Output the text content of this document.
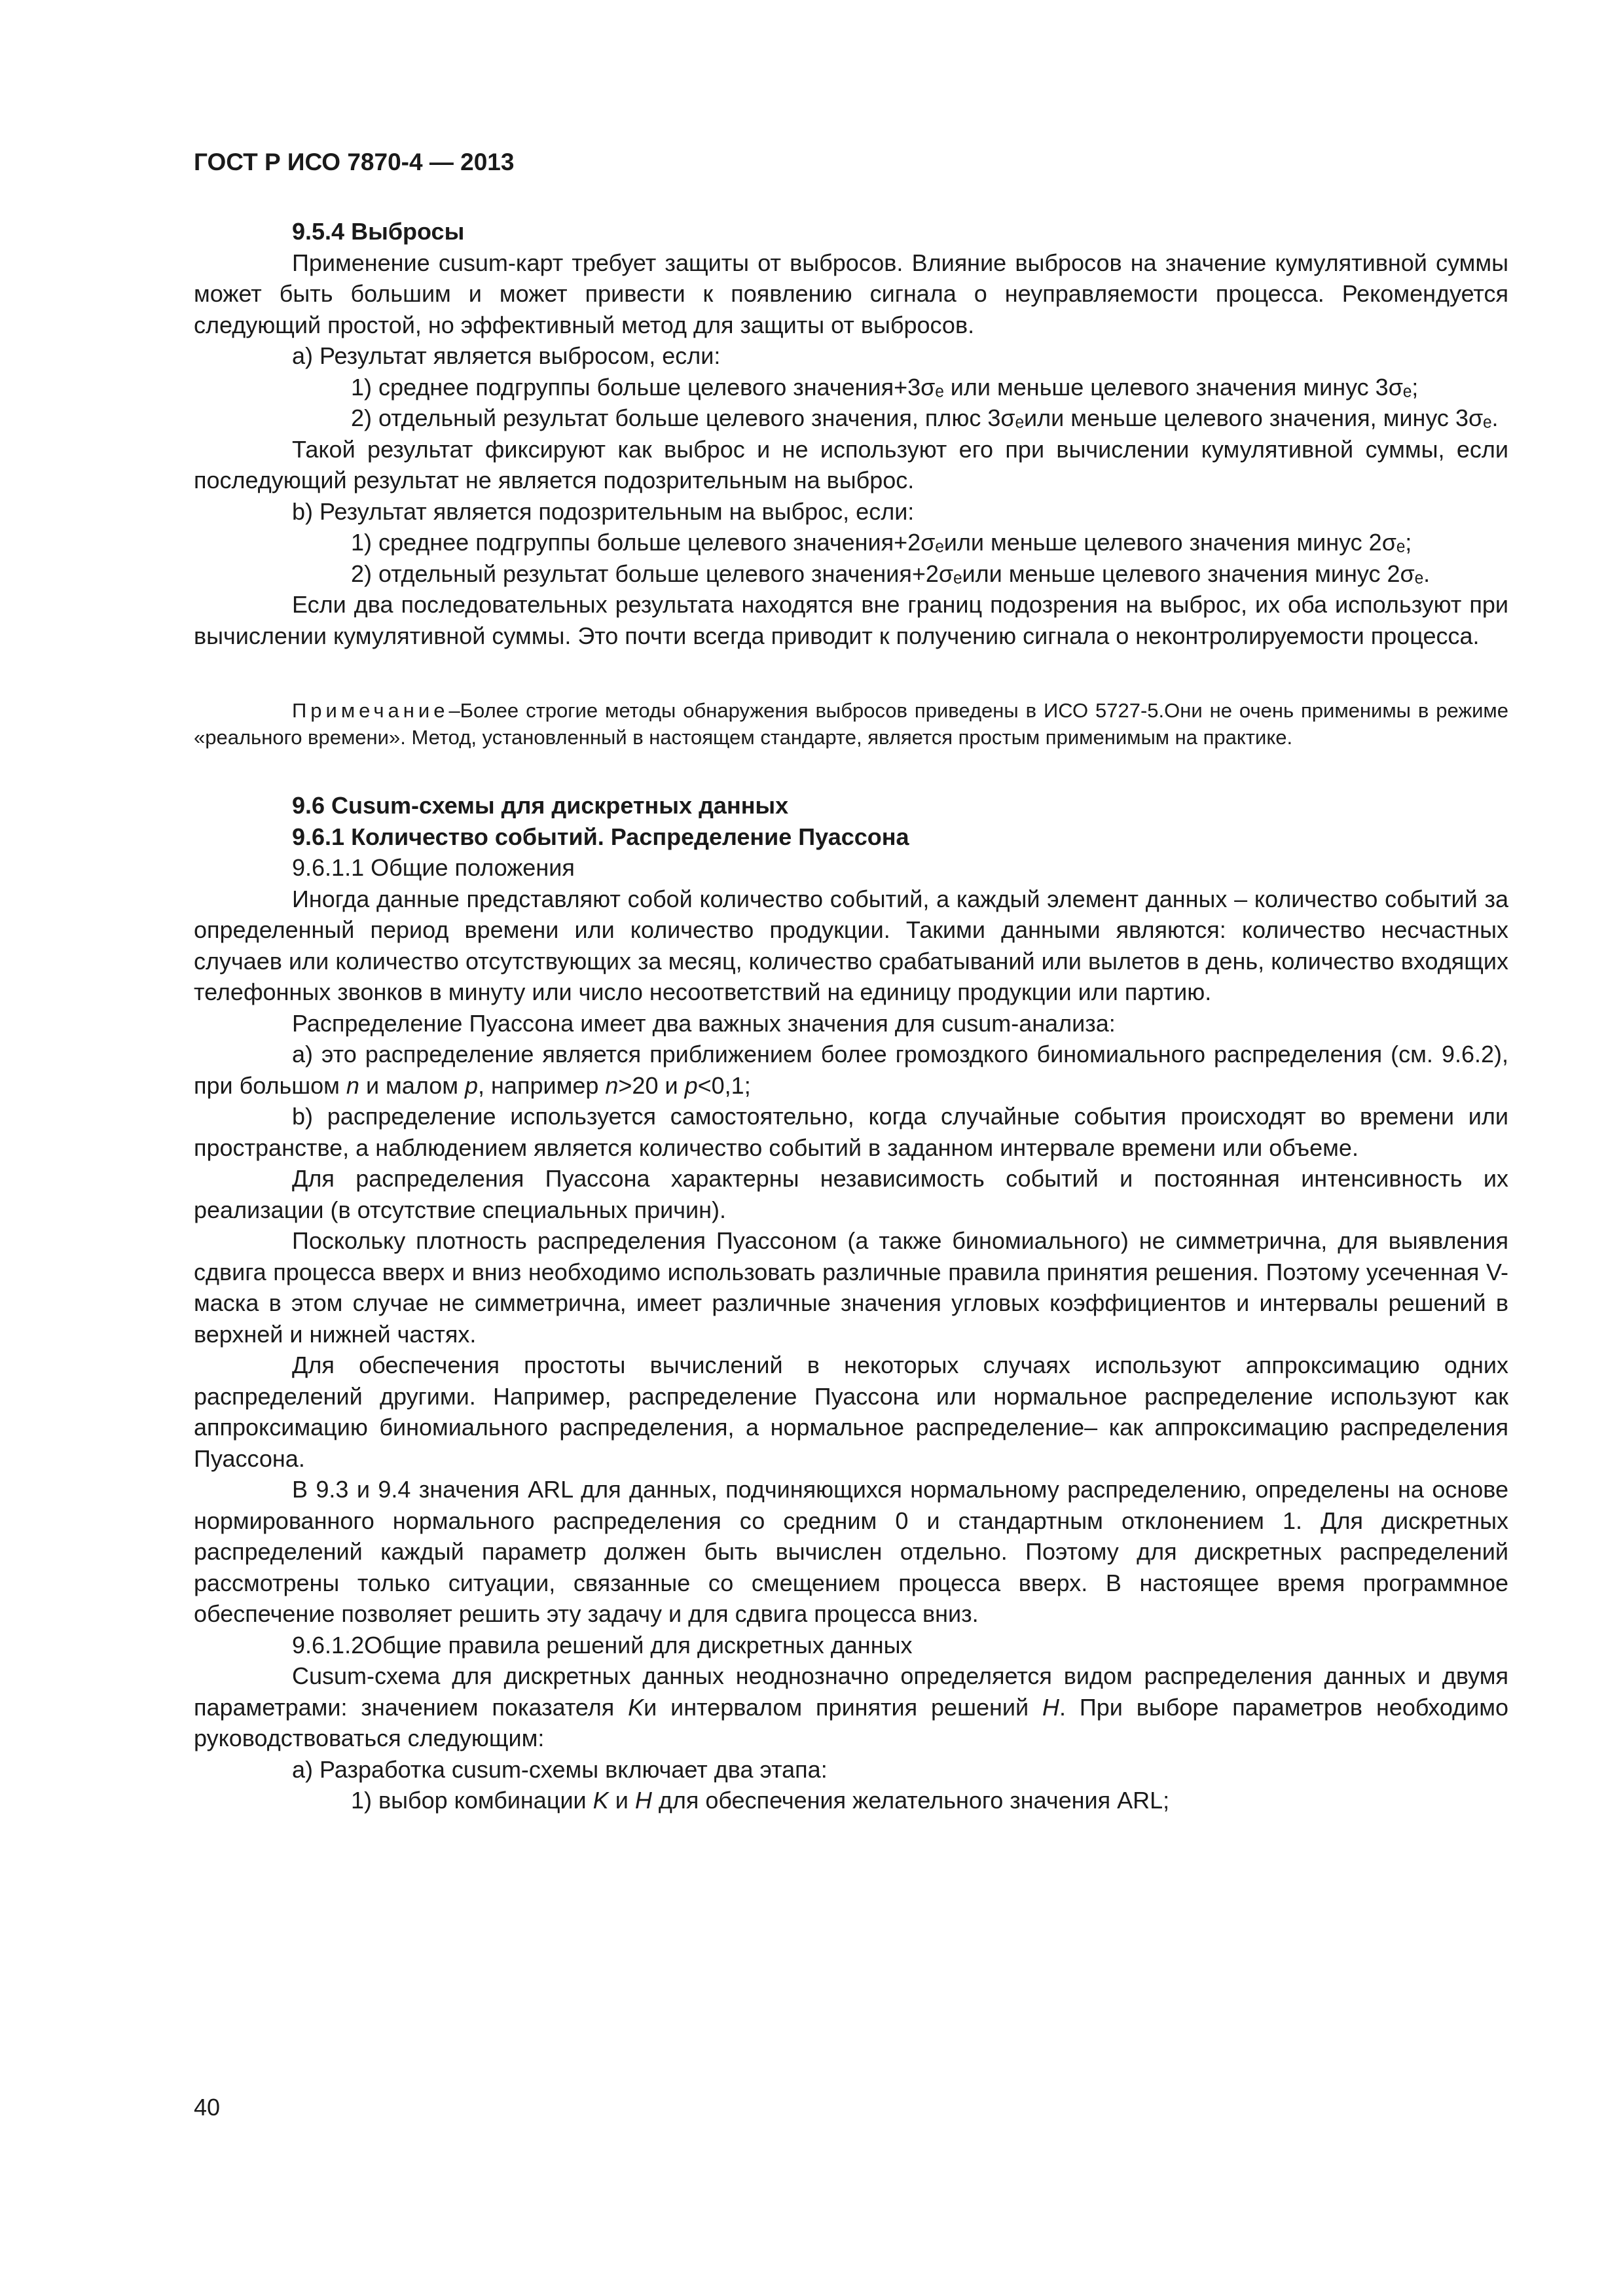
ГОСТ Р ИСО 7870-4 — 2013

9.5.4 Выбросы

Применение cusum-карт требует защиты от выбросов. Влияние выбросов на значение кумулятивной суммы может быть большим и может привести к появлению сигнала о неуправляемости процесса. Рекомендуется следующий простой, но эффективный метод для защиты от выбросов.

a) Результат является выбросом, если:

1) среднее подгруппы больше целевого значения+3σₑ или меньше целевого значения минус 3σₑ;

2) отдельный результат больше целевого значения, плюс 3σₑили меньше целевого значения, минус 3σₑ.

Такой результат фиксируют как выброс и не используют его при вычислении кумулятивной суммы, если последующий результат не является подозрительным на выброс.

b) Результат является подозрительным на выброс, если:

1) среднее подгруппы больше целевого значения+2σₑили меньше целевого значения минус 2σₑ;

2) отдельный результат больше целевого значения+2σₑили меньше целевого значения минус 2σₑ.

Если два последовательных результата находятся вне границ подозрения на выброс, их оба используют при вычислении кумулятивной суммы. Это почти всегда приводит к получению сигнала о неконтролируемости процесса.

Примечание–Более строгие методы обнаружения выбросов приведены в ИСО 5727-5.Они не очень применимы в режиме «реального времени». Метод, установленный в настоящем стандарте, является простым применимым на практике.

9.6 Cusum-схемы для дискретных данных

9.6.1 Количество событий. Распределение Пуассона

9.6.1.1 Общие положения

Иногда данные представляют собой количество событий, а каждый элемент данных – количество событий за определенный период времени или количество продукции. Такими данными являются: количество несчастных случаев или количество отсутствующих за месяц, количество срабатываний или вылетов в день, количество входящих телефонных звонков в минуту или число несоответствий на единицу продукции или партию.

Распределение Пуассона имеет два важных значения для cusum-анализа:

a) это распределение является приближением более громоздкого биномиального распределения (см. 9.6.2), при большом n и малом p, например n>20 и p<0,1;

b) распределение используется самостоятельно, когда случайные события происходят во времени или пространстве, а наблюдением является количество событий в заданном интервале времени или объеме.

Для распределения Пуассона характерны независимость событий и постоянная интенсивность их реализации (в отсутствие специальных причин).

Поскольку плотность распределения Пуассоном (а также биномиального) не симметрична, для выявления сдвига процесса вверх и вниз необходимо использовать различные правила принятия решения. Поэтому усеченная V-маска в этом случае не симметрична, имеет различные значения угловых коэффициентов и интервалы решений в верхней и нижней частях.

Для обеспечения простоты вычислений в некоторых случаях используют аппроксимацию одних распределений другими. Например, распределение Пуассона или нормальное распределение используют как аппроксимацию биномиального распределения, а нормальное распределение– как аппроксимацию распределения Пуассона.

В 9.3 и 9.4 значения ARL для данных, подчиняющихся нормальному распределению, определены на основе нормированного нормального распределения со средним 0 и стандартным отклонением 1. Для дискретных распределений каждый параметр должен быть вычислен отдельно. Поэтому для дискретных распределений рассмотрены только ситуации, связанные со смещением процесса вверх. В настоящее время программное обеспечение позволяет решить эту задачу и для сдвига процесса вниз.

9.6.1.2Общие правила решений для дискретных данных

Cusum-схема для дискретных данных неоднозначно определяется видом распределения данных и двумя параметрами: значением показателя Kи интервалом принятия решений H. При выборе параметров необходимо руководствоваться следующим:

a) Разработка cusum-схемы включает два этапа:

1) выбор комбинации K и H для обеспечения желательного значения ARL;

40
